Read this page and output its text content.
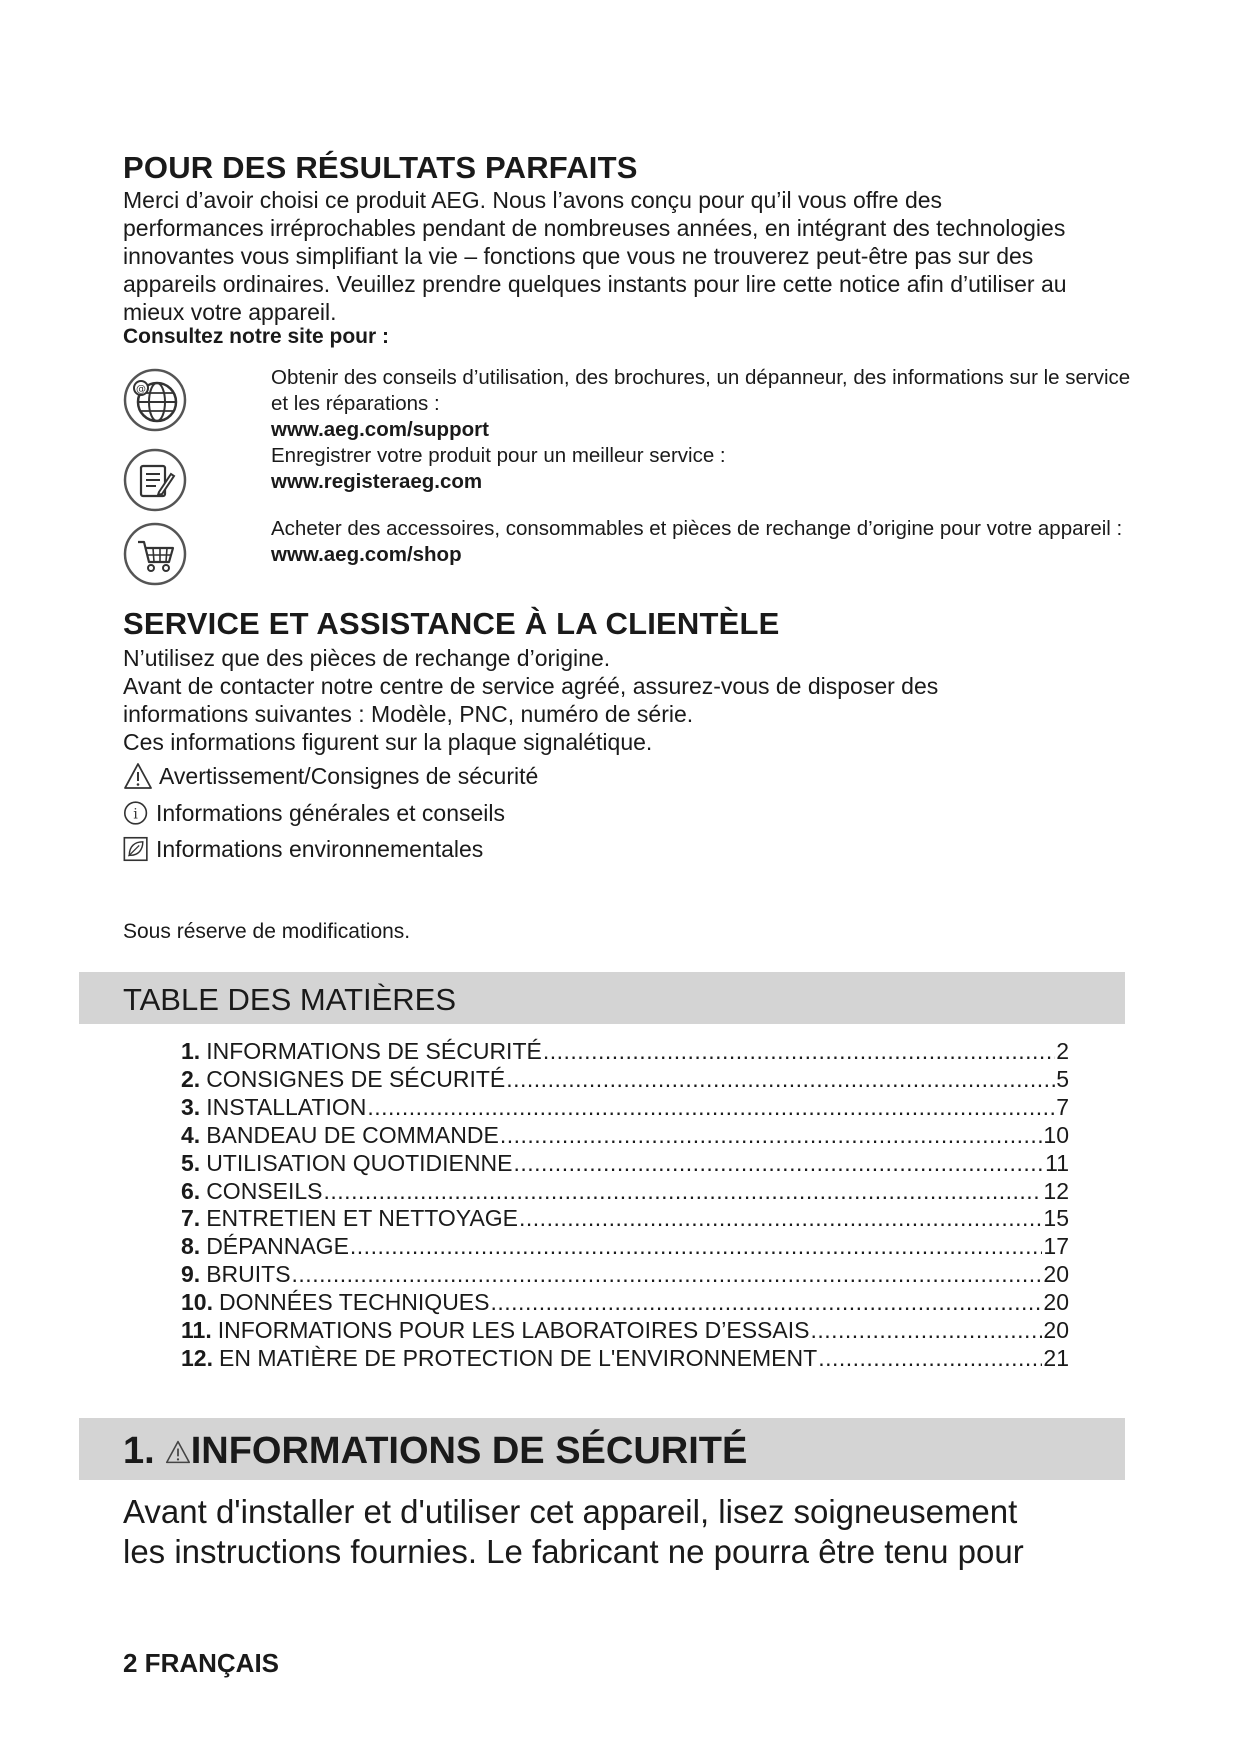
POUR DES RÉSULTATS PARFAITS

Merci d’avoir choisi ce produit AEG. Nous l’avons conçu pour qu’il vous offre des performances irréprochables pendant de nombreuses années, en intégrant des technologies innovantes vous simplifiant la vie – fonctions que vous ne trouverez peut-être pas sur des appareils ordinaires. Veuillez prendre quelques instants pour lire cette notice afin d’utiliser au mieux votre appareil.

Consultez notre site pour :
@
Obtenir des conseils d’utilisation, des brochures, un dépanneur, des informations sur le service et les réparations :
www.aeg.com/support
Enregistrer votre produit pour un meilleur service :
www.registeraeg.com
Acheter des accessoires, consommables et pièces de rechange d’origine pour votre appareil :
www.aeg.com/shop
SERVICE ET ASSISTANCE À LA CLIENTÈLE
N’utilisez que des pièces de rechange d’origine.
Avant de contacter notre centre de service agréé, assurez-vous de disposer des
informations suivantes : Modèle, PNC, numéro de série.
Ces informations figurent sur la plaque signalétique.
Avertissement/Consignes de sécurité
i Informations générales et conseils
Informations environnementales
Sous réserve de modifications.
TABLE DES MATIÈRES
1. INFORMATIONS DE SÉCURITÉ .....	2
2. CONSIGNES DE SÉCURITÉ .....	5
3. INSTALLATION .....	7
4. BANDEAU DE COMMANDE .....	10
5. UTILISATION QUOTIDIENNE .....	11
6. CONSEILS .....	12
7. ENTRETIEN ET NETTOYAGE .....	15
8. DÉPANNAGE .....	17
9. BRUITS .....	20
10. DONNÉES TECHNIQUES .....	20
11. INFORMATIONS POUR LES LABORATOIRES D’ESSAIS .....	20
12. EN MATIÈRE DE PROTECTION DE L'ENVIRONNEMENT .....	21
1. INFORMATIONS DE SÉCURITÉ
Avant d'installer et d'utiliser cet appareil, lisez soigneusement
les instructions fournies. Le fabricant ne pourra être tenu pour
2 FRANÇAIS
